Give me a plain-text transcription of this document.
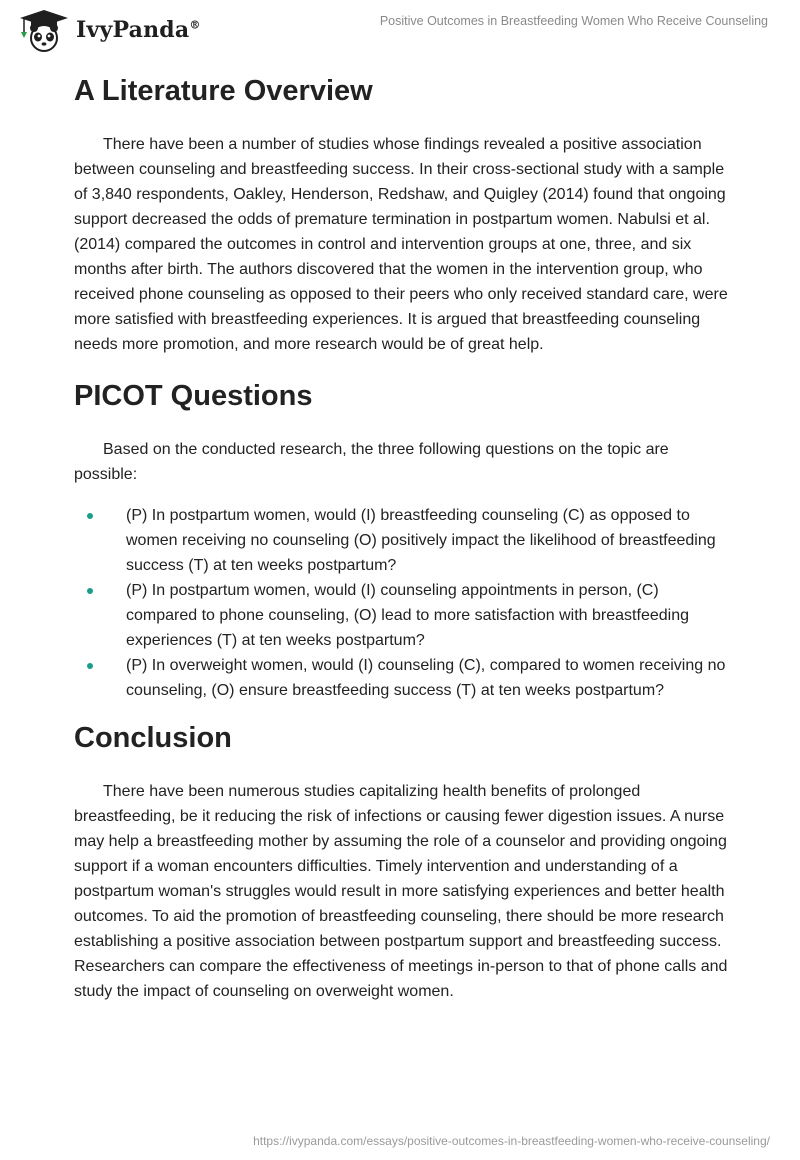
IvyPanda®	Positive Outcomes in Breastfeeding Women Who Receive Counseling
A Literature Overview

There have been a number of studies whose findings revealed a positive association between counseling and breastfeeding success. In their cross-sectional study with a sample of 3,840 respondents, Oakley, Henderson, Redshaw, and Quigley (2014) found that ongoing support decreased the odds of premature termination in postpartum women. Nabulsi et al. (2014) compared the outcomes in control and intervention groups at one, three, and six months after birth. The authors discovered that the women in the intervention group, who received phone counseling as opposed to their peers who only received standard care, were more satisfied with breastfeeding experiences. It is argued that breastfeeding counseling needs more promotion, and more research would be of great help.

PICOT Questions

Based on the conducted research, the three following questions on the topic are possible:

(P) In postpartum women, would (I) breastfeeding counseling (C) as opposed to women receiving no counseling (O) positively impact the likelihood of breastfeeding success (T) at ten weeks postpartum?
(P) In postpartum women, would (I) counseling appointments in person, (C) compared to phone counseling, (O) lead to more satisfaction with breastfeeding experiences (T) at ten weeks postpartum?
(P) In overweight women, would (I) counseling (C), compared to women receiving no counseling, (O) ensure breastfeeding success (T) at ten weeks postpartum?
Conclusion

There have been numerous studies capitalizing health benefits of prolonged breastfeeding, be it reducing the risk of infections or causing fewer digestion issues. A nurse may help a breastfeeding mother by assuming the role of a counselor and providing ongoing support if a woman encounters difficulties. Timely intervention and understanding of a postpartum woman's struggles would result in more satisfying experiences and better health outcomes. To aid the promotion of breastfeeding counseling, there should be more research establishing a positive association between postpartum support and breastfeeding success. Researchers can compare the effectiveness of meetings in-person to that of phone calls and study the impact of counseling on overweight women.

https://ivypanda.com/essays/positive-outcomes-in-breastfeeding-women-who-receive-counseling/
